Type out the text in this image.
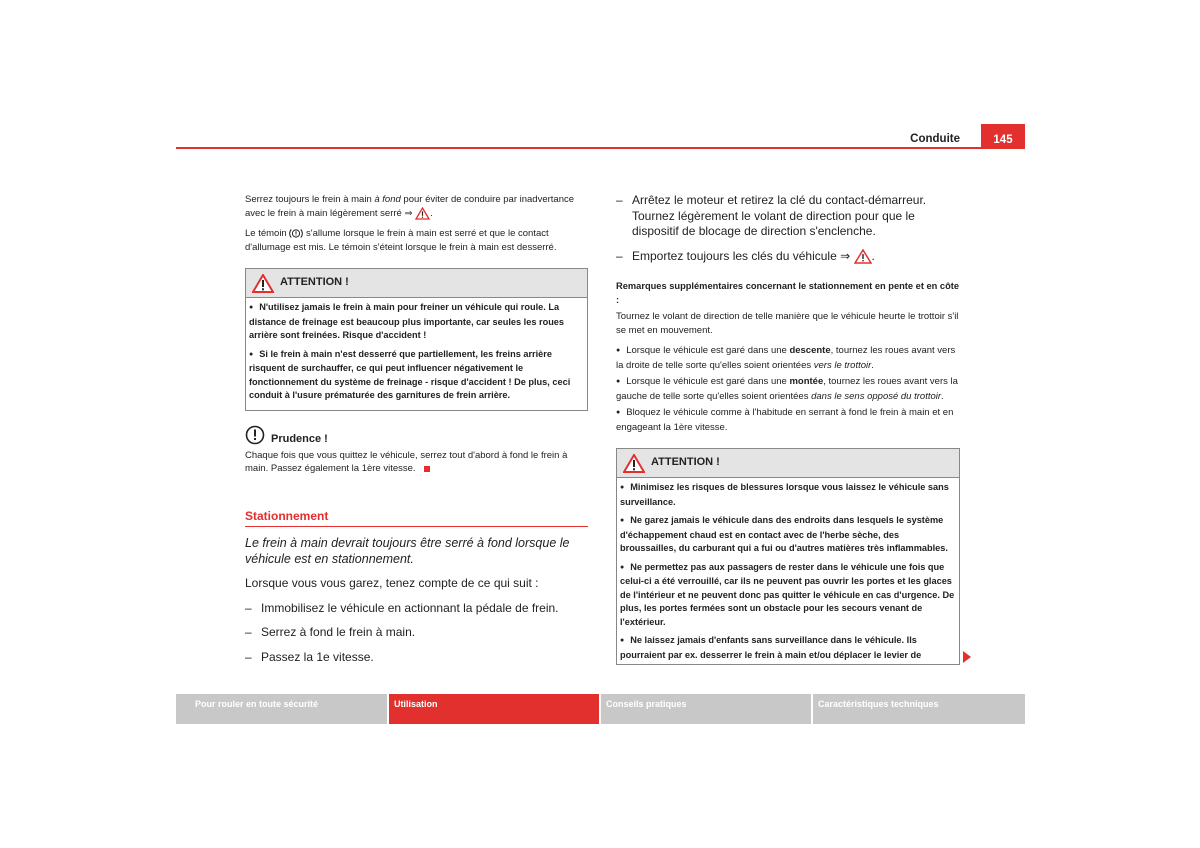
Conduite	145

Serrez toujours le frein à main à fond pour éviter de conduire par inadvertance avec le frein à main légèrement serré ⇒ .

Le témoin  s'allume lorsque le frein à main est serré et que le contact d'allumage est mis. Le témoin s'éteint lorsque le frein à main est desserré.

ATTENTION !
● N'utilisez jamais le frein à main pour freiner un véhicule qui roule. La distance de freinage est beaucoup plus importante, car seules les roues arrière sont freinées. Risque d'accident !
● Si le frein à main n'est desserré que partiellement, les freins arrière risquent de surchauffer, ce qui peut influencer négativement le fonctionnement du système de freinage - risque d'accident ! De plus, ceci conduit à l'usure prématurée des garnitures de frein arrière.
Prudence !

Chaque fois que vous quittez le véhicule, serrez tout d'abord à fond le frein à main. Passez également la 1ère vitesse.

Stationnement

Le frein à main devrait toujours être serré à fond lorsque le véhicule est en stationnement.

Lorsque vous vous garez, tenez compte de ce qui suit :

– Immobilisez le véhicule en actionnant la pédale de frein.
– Serrez à fond le frein à main.
– Passez la 1e vitesse.
– Arrêtez le moteur et retirez la clé du contact-démarreur. Tournez légèrement le volant de direction pour que le dispositif de blocage de direction s'enclenche.
– Emportez toujours les clés du véhicule ⇒ .
Remarques supplémentaires concernant le stationnement en pente et en côte :

Tournez le volant de direction de telle manière que le véhicule heurte le trottoir s'il se met en mouvement.

● Lorsque le véhicule est garé dans une descente, tournez les roues avant vers la droite de telle sorte qu'elles soient orientées vers le trottoir.

● Lorsque le véhicule est garé dans une montée, tournez les roues avant vers la gauche de telle sorte qu'elles soient orientées dans le sens opposé du trottoir.

● Bloquez le véhicule comme à l'habitude en serrant à fond le frein à main et en engageant la 1ère vitesse.

ATTENTION !
● Minimisez les risques de blessures lorsque vous laissez le véhicule sans surveillance.
● Ne garez jamais le véhicule dans des endroits dans lesquels le système d'échappement chaud est en contact avec de l'herbe sèche, des broussailles, du carburant qui a fui ou d'autres matières très inflammables.
● Ne permettez pas aux passagers de rester dans le véhicule une fois que celui-ci a été verrouillé, car ils ne peuvent pas ouvrir les portes et les glaces de l'intérieur et ne peuvent donc pas quitter le véhicule en cas d'urgence. De plus, les portes fermées sont un obstacle pour les secours venant de l'extérieur.
● Ne laissez jamais d'enfants sans surveillance dans le véhicule. Ils pourraient par ex. desserrer le frein à main et/ou déplacer le levier de
Pour rouler en toute sécurité	Utilisation	Conseils pratiques	Caractéristiques techniques
